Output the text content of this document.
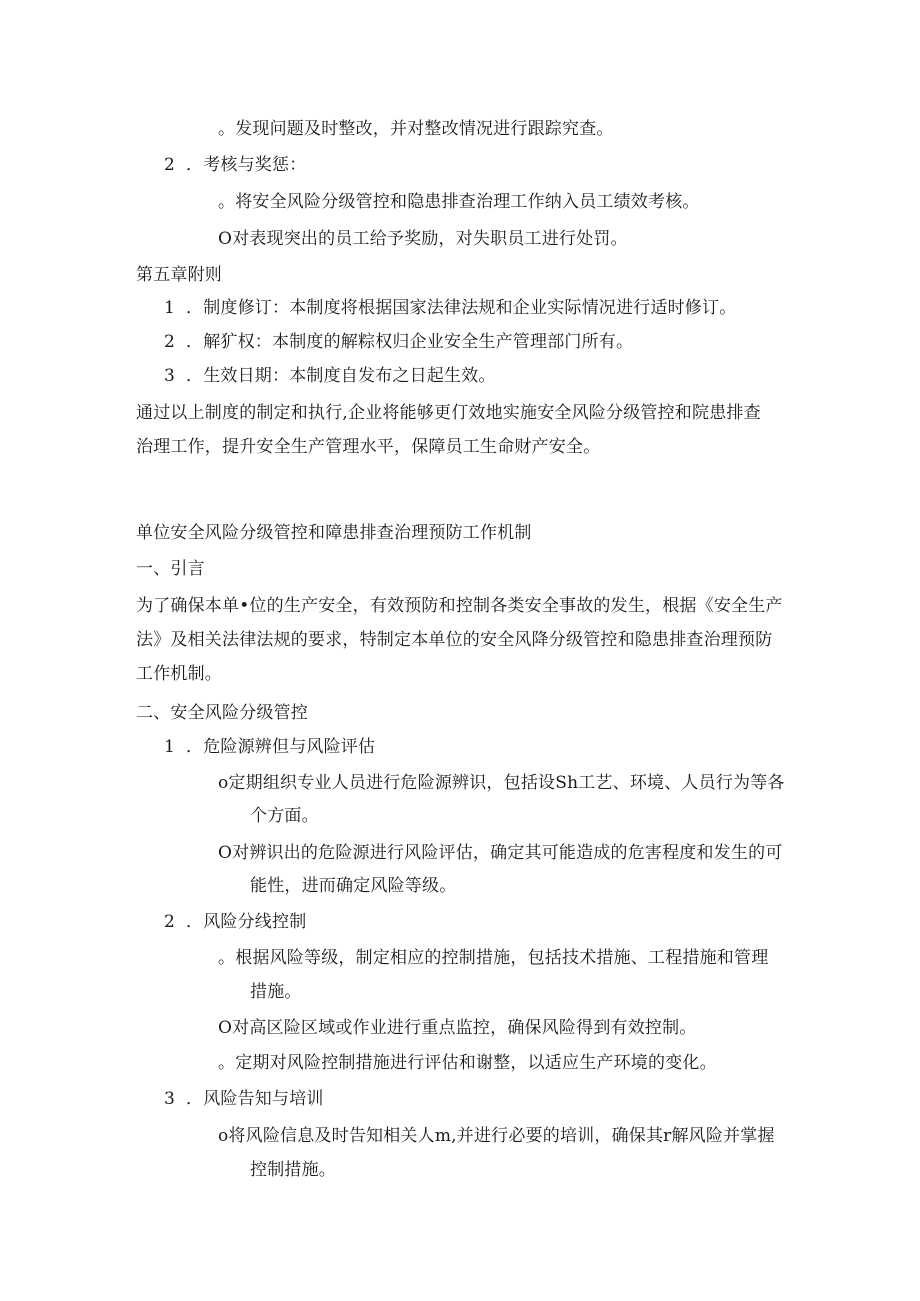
。发现问题及时整改，并对整改情况进行跟踪究查。
2 ．考核与奖惩：
。将安全风险分级管控和隐患排查治理工作纳入员工绩效考核。
O对表现突出的员工给予奖励，对失职员工进行处罚。
第五章附则
1 ．制度修订：本制度将根据国家法律法规和企业实际情况进行适时修订。
2 ．解犷权：本制度的解粽权归企业安全生产管理部门所有。
3 ．生效日期：本制度自发布之日起生效。
通过以上制度的制定和执行,企业将能够更仃效地实施安全风险分级管控和院患排查
治理工作，提升安全生产管理水平，保障员工生命财产安全。
单位安全风险分级管控和障患排查治理预防工作机制
一、引言
为了确保本单•位的生产安全，有效预防和控制各类安全事故的发生，根据《安全生产
法》及相关法律法规的要求，特制定本单位的安全风降分级管控和隐患排查治理预防
工作机制。
二、安全风险分级管控
1 ．危险源辨但与风险评估
o定期组织专业人员进行危险源辨识，包括设Sh工艺、环境、人员行为等各
个方面。
O对辨识出的危险源进行风险评估，确定其可能造成的危害程度和发生的可
能性，进而确定风险等级。
2 ．风险分线控制
。根据风险等级，制定相应的控制措施，包括技术措施、工程措施和管理
措施。
O对高区险区域或作业进行重点监控，确保风险得到有效控制。
。定期对风险控制措施进行评估和谢整，以适应生产环境的变化。
3 ．风险告知与培训
o将风险信息及时告知相关人m,并进行必要的培训，确保其r解风险并掌握
控制措施。
